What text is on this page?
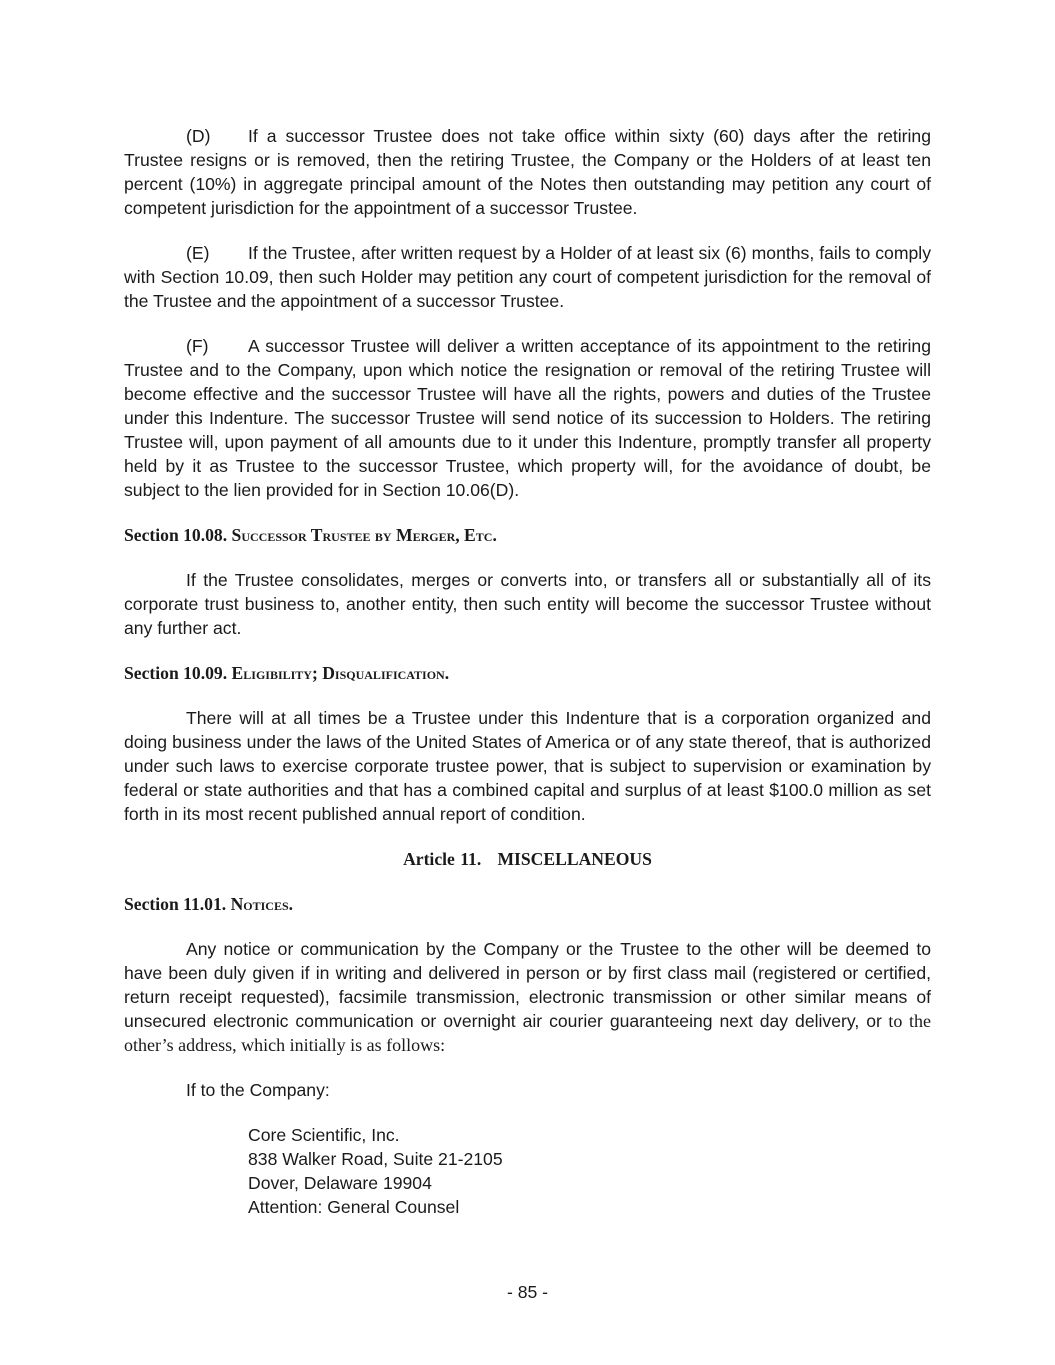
(D) If a successor Trustee does not take office within sixty (60) days after the retiring Trustee resigns or is removed, then the retiring Trustee, the Company or the Holders of at least ten percent (10%) in aggregate principal amount of the Notes then outstanding may petition any court of competent jurisdiction for the appointment of a successor Trustee.

(E) If the Trustee, after written request by a Holder of at least six (6) months, fails to comply with Section 10.09, then such Holder may petition any court of competent jurisdiction for the removal of the Trustee and the appointment of a successor Trustee.

(F) A successor Trustee will deliver a written acceptance of its appointment to the retiring Trustee and to the Company, upon which notice the resignation or removal of the retiring Trustee will become effective and the successor Trustee will have all the rights, powers and duties of the Trustee under this Indenture. The successor Trustee will send notice of its succession to Holders. The retiring Trustee will, upon payment of all amounts due to it under this Indenture, promptly transfer all property held by it as Trustee to the successor Trustee, which property will, for the avoidance of doubt, be subject to the lien provided for in Section 10.06(D).

Section 10.08. Successor Trustee by Merger, Etc.

If the Trustee consolidates, merges or converts into, or transfers all or substantially all of its corporate trust business to, another entity, then such entity will become the successor Trustee without any further act.

Section 10.09. Eligibility; Disqualification.

There will at all times be a Trustee under this Indenture that is a corporation organized and doing business under the laws of the United States of America or of any state thereof, that is authorized under such laws to exercise corporate trustee power, that is subject to supervision or examination by federal or state authorities and that has a combined capital and surplus of at least $100.0 million as set forth in its most recent published annual report of condition.

Article 11.   MISCELLANEOUS
Section 11.01. Notices.

Any notice or communication by the Company or the Trustee to the other will be deemed to have been duly given if in writing and delivered in person or by first class mail (registered or certified, return receipt requested), facsimile transmission, electronic transmission or other similar means of unsecured electronic communication or overnight air courier guaranteeing next day delivery, or to the other’s address, which initially is as follows:

If to the Company:

Core Scientific, Inc.
838 Walker Road, Suite 21-2105
Dover, Delaware 19904
Attention: General Counsel
- 85 -
